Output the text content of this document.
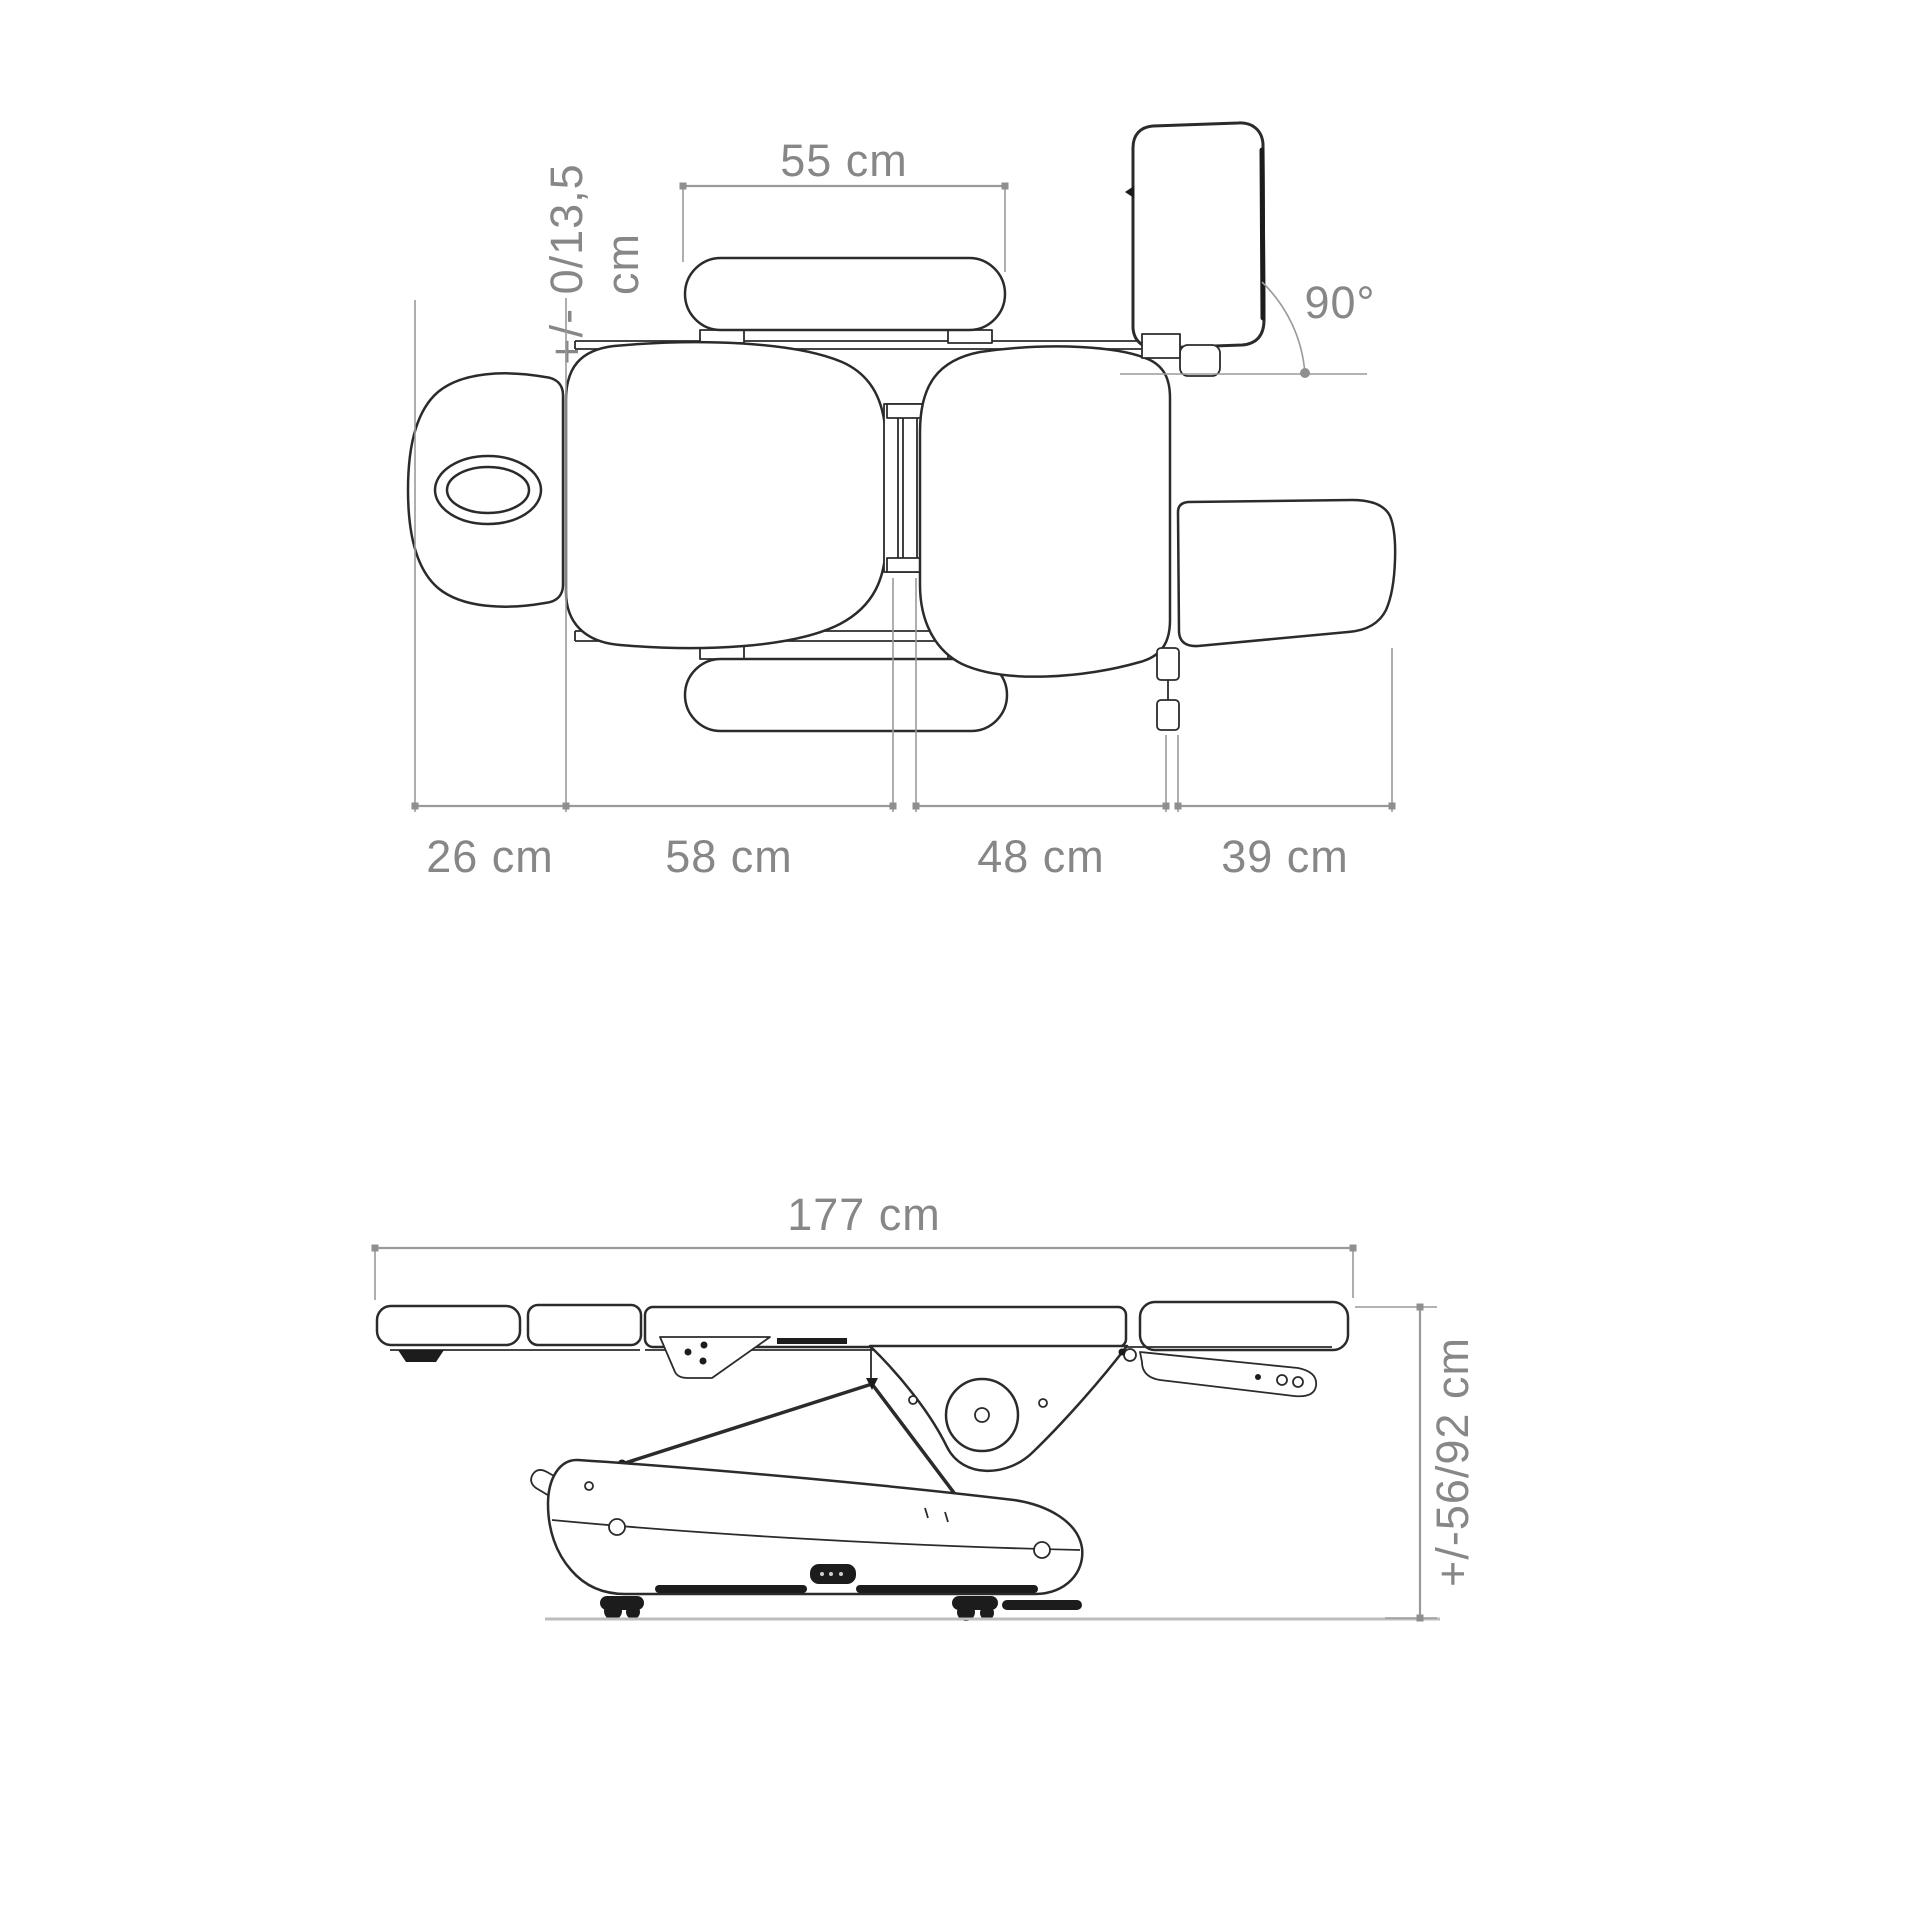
90°
55 cm
+/- 0/13,5 cm
26 cm 58 cm	48 cm	39 cm
177 cm
+/-56/92 cm
